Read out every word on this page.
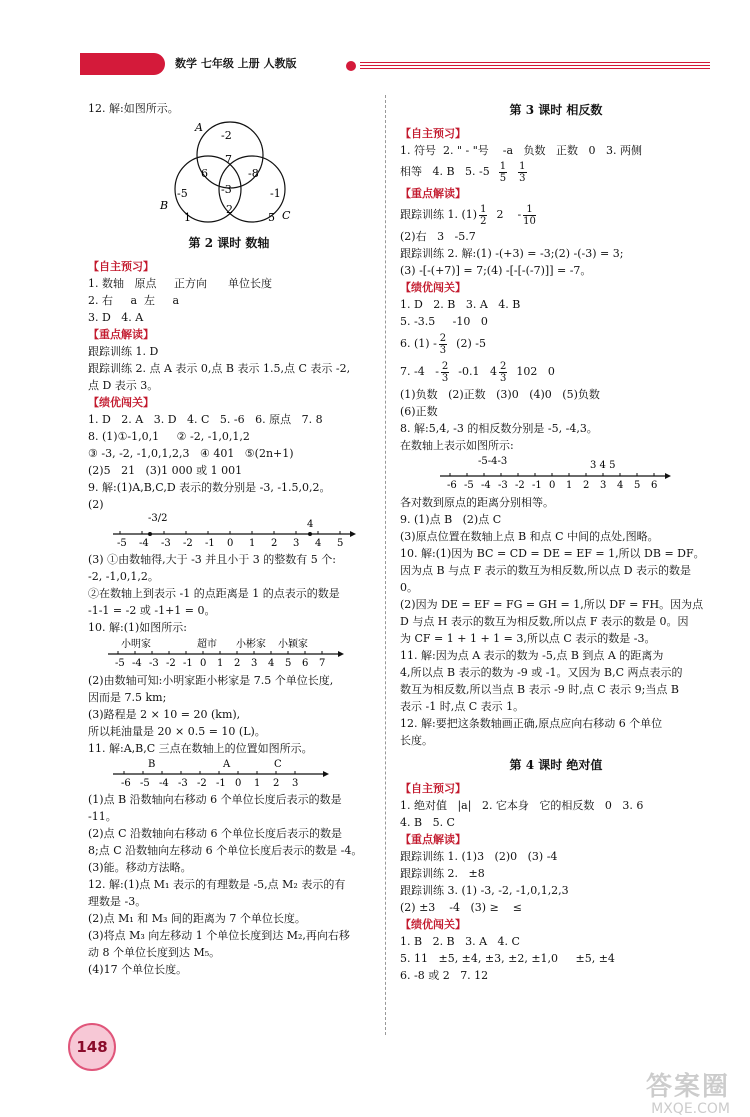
数学 七年级 上册 人教版
12. 解:如图所示。
A
B
C
-2
7
6	-8
-3
-5
2
-1
1	5
第 2 课时 数轴
【自主预习】
1. 数轴   原点     正方向      单位长度
2. 右     a  左     a
3. D   4. A
【重点解读】
跟踪训练 1. D
跟踪训练 2. 点 A 表示 0,点 B 表示 1.5,点 C 表示 -2,
点 D 表示 3。
【绩优闯关】
1. D   2. A   3. D   4. C   5. -6   6. 原点   7. 8
8. (1)①-1,0,1     ② -2, -1,0,1,2
③ -3, -2, -1,0,1,2,3   ④ 401   ⑤(2n+1)
(2)5   21   (3)1 000 或 1 001
9. 解:(1)A,B,C,D 表示的数分别是 -3, -1.5,0,2。
(2)
-3/2
4
-5 -4 -3 -2 -1 0 1 2 3 4 5
(3) ①由数轴得,大于 -3 并且小于 3 的整数有 5 个:
-2, -1,0,1,2。
②在数轴上到表示 -1 的点距离是 1 的点表示的数是
-1-1 = -2 或 -1+1 = 0。
10. 解:(1)如图所示:
小明家	超市 小彬家 小颖家
-5 -4 -3 -2 -1 0 1 2 3 4 5 6 7
(2)由数轴可知:小明家距小彬家是 7.5 个单位长度,
因而是 7.5 km;
(3)路程是 2 × 10 = 20 (km),
所以耗油量是 20 × 0.5 = 10 (L)。
11. 解:A,B,C 三点在数轴上的位置如图所示。
B	A	C
-6 -5 -4 -3 -2 -1 0 1 2 3
(1)点 B 沿数轴向右移动 6 个单位长度后表示的数是
-11。
(2)点 C 沿数轴向右移动 6 个单位长度后表示的数是
8;点 C 沿数轴向左移动 6 个单位长度后表示的数是 -4。
(3)能。移动方法略。
12. 解:(1)点 M₁ 表示的有理数是 -5,点 M₂ 表示的有
理数是 -3。
(2)点 M₁ 和 M₃ 间的距离为 7 个单位长度。
(3)将点 M₃ 向左移动 1 个单位长度到达 M₂,再向右移
动 8 个单位长度到达 M₅。
(4)17 个单位长度。
第 3 课时 相反数
【自主预习】
1. 符号  2. " - "号    -a   负数   正数   0   3. 两侧
相等   4. B   5. $-5 \frac{1}{5}$
$\frac{1}{3}$
【重点解读】
跟踪训练 1. $(1) \frac{1}{2} 2$    - $\frac{1}{10}$
(2)右   3   -5.7
跟踪训练 2. 解:(1) -(+3) = -3;(2) -(-3) = 3;
(3) -[-(+7)] = 7;(4) -[-[-(-7)]] = -7。
【绩优闯关】
1. D   2. B   3. A   4. B
5. -3.5     -10   0
6. $(1) - \frac{2}{3} (2)$ -5
7. $-4 - \frac{2}{3} -0.1$   $4 \frac{2}{3} 102$   0
(1)负数   (2)正数   (3)0   (4)0   (5)负数
(6)正数
8. 解:5,4, -3 的相反数分别是 -5, -4,3。
在数轴上表示如图所示:
-5-4-3	3 4 5
-6 -5 -4 -3 -2 -1 0 1 2 3 4 5 6
各对数到原点的距离分别相等。
9. (1)点 B   (2)点 C
(3)原点位置在数轴上点 B 和点 C 中间的点处,图略。
10. 解:(1)因为 BC = CD = DE = EF = 1,所以 DB = DF。
因为点 B 与点 F 表示的数互为相反数,所以点 D 表示的数是
0。
(2)因为 DE = EF = FG = GH = 1,所以 DF = FH。因为点
D 与点 H 表示的数互为相反数,所以点 F 表示的数是 0。因
为 CF = 1 + 1 + 1 = 3,所以点 C 表示的数是 -3。
11. 解:因为点 A 表示的数为 -5,点 B 到点 A 的距离为
4,所以点 B 表示的数为 -9 或 -1。又因为 B,C 两点表示的
数互为相反数,所以当点 B 表示 -9 时,点 C 表示 9;当点 B
表示 -1 时,点 C 表示 1。
12. 解:要把这条数轴画正确,原点应向右移动 6 个单位
长度。
第 4 课时 绝对值
【自主预习】
1. 绝对值   |a|   2. 它本身   它的相反数   0   3. 6
4. B   5. C
【重点解读】
跟踪训练 1. (1)3   (2)0   (3) -4
跟踪训练 2.   ±8
跟踪训练 3. (1) -3, -2, -1,0,1,2,3
(2) ±3    -4   (3) ≥    ≤
【绩优闯关】
1. B   2. B   3. A   4. C
5. 11   ±5, ±4, ±3, ±2, ±1,0     ±5, ±4
6. -8 或 2   7. 12
148
答案圈
MXQE.COM
